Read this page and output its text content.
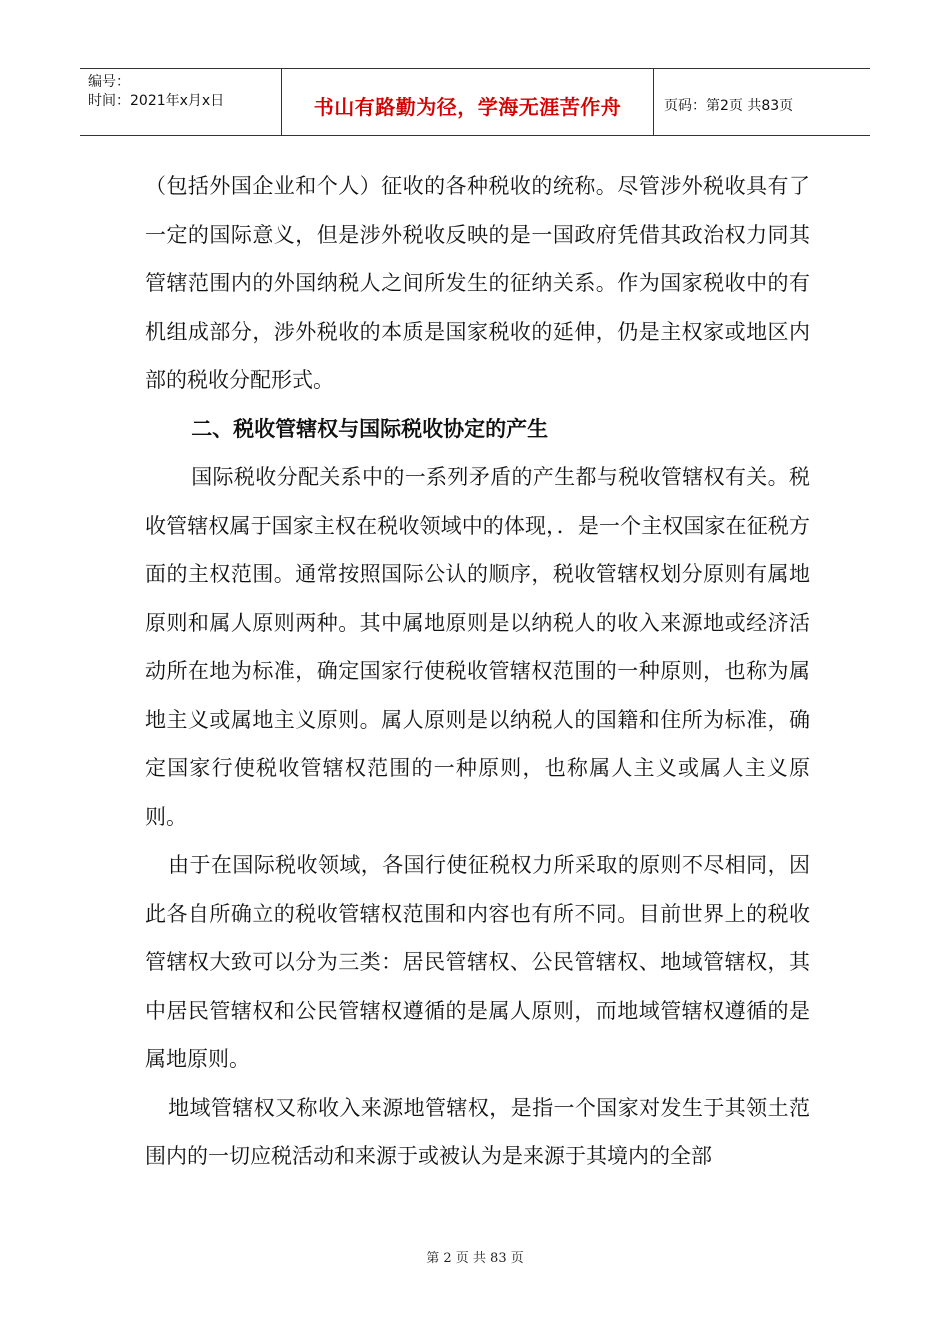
编号：
时间：2021年x月x日	书山有路勤为径，学海无涯苦作舟	页码：第2页 共83页

（包括外国企业和个人）征收的各种税收的统称。尽管涉外税收具有了一定的国际意义，但是涉外税收反映的是一国政府凭借其政治权力同其管辖范围内的外国纳税人之间所发生的征纳关系。作为国家税收中的有机组成部分，涉外税收的本质是国家税收的延伸，仍是主权家或地区内部的税收分配形式。

二、税收管辖权与国际税收协定的产生

国际税收分配关系中的一系列矛盾的产生都与税收管辖权有关。税收管辖权属于国家主权在税收领域中的体现，．是一个主权国家在征税方面的主权范围。通常按照国际公认的顺序，税收管辖权划分原则有属地原则和属人原则两种。其中属地原则是以纳税人的收入来源地或经济活动所在地为标准，确定国家行使税收管辖权范围的一种原则，也称为属地主义或属地主义原则。属人原则是以纳税人的国籍和住所为标准，确定国家行使税收管辖权范围的一种原则，也称属人主义或属人主义原则。

由于在国际税收领域，各国行使征税权力所采取的原则不尽相同，因此各自所确立的税收管辖权范围和内容也有所不同。目前世界上的税收管辖权大致可以分为三类：居民管辖权、公民管辖权、地域管辖权，其中居民管辖权和公民管辖权遵循的是属人原则，而地域管辖权遵循的是属地原则。

地域管辖权又称收入来源地管辖权，是指一个国家对发生于其领土范围内的一切应税活动和来源于或被认为是来源于其境内的全部

第 2 页 共 83 页
